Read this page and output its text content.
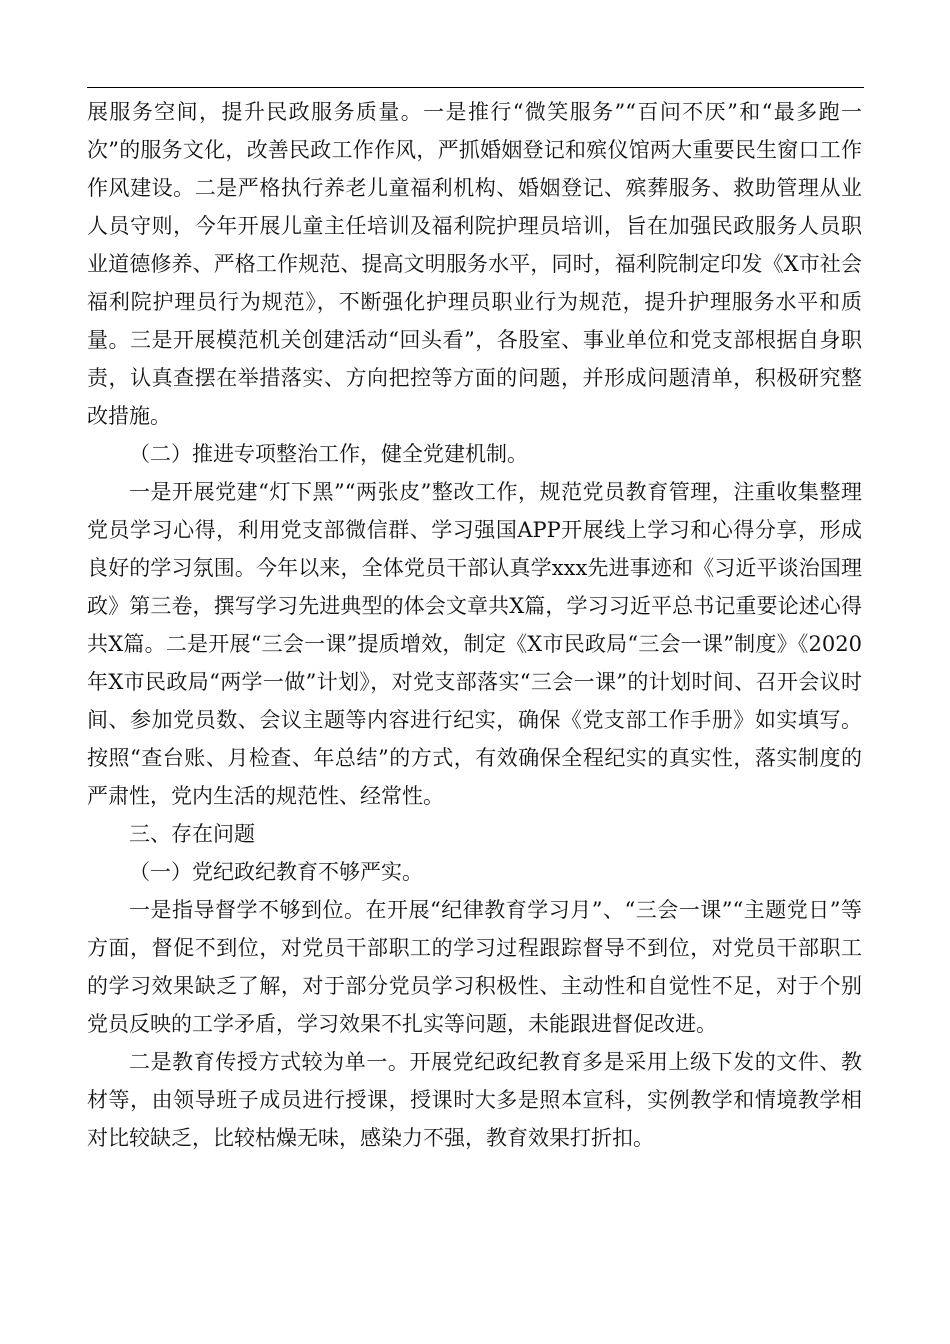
展服务空间，提升民政服务质量。一是推行“微笑服务”“百问不厌”和“最多跑一次”的服务文化，改善民政工作作风，严抓婚姻登记和殡仪馆两大重要民生窗口工作作风建设。二是严格执行养老儿童福利机构、婚姻登记、殡葬服务、救助管理从业人员守则，今年开展儿童主任培训及福利院护理员培训，旨在加强民政服务人员职业道德修养、严格工作规范、提高文明服务水平，同时，福利院制定印发《X市社会福利院护理员行为规范》，不断强化护理员职业行为规范，提升护理服务水平和质量。三是开展模范机关创建活动“回头看”，各股室、事业单位和党支部根据自身职责，认真查摆在举措落实、方向把控等方面的问题，并形成问题清单，积极研究整改措施。

（二）推进专项整治工作，健全党建机制。

一是开展党建“灯下黑”“两张皮”整改工作，规范党员教育管理，注重收集整理党员学习心得，利用党支部微信群、学习强国APP开展线上学习和心得分享，形成良好的学习氛围。今年以来，全体党员干部认真学xxx先进事迹和《习近平谈治国理政》第三卷，撰写学习先进典型的体会文章共X篇，学习习近平总书记重要论述心得共X篇。二是开展“三会一课”提质增效，制定《X市民政局“三会一课”制度》《2020年X市民政局“两学一做”计划》，对党支部落实“三会一课”的计划时间、召开会议时间、参加党员数、会议主题等内容进行纪实，确保《党支部工作手册》如实填写。按照“查台账、月检查、年总结”的方式，有效确保全程纪实的真实性，落实制度的严肃性，党内生活的规范性、经常性。

三、存在问题

（一）党纪政纪教育不够严实。

一是指导督学不够到位。在开展“纪律教育学习月”、“三会一课”“主题党日”等方面，督促不到位，对党员干部职工的学习过程跟踪督导不到位，对党员干部职工的学习效果缺乏了解，对于部分党员学习积极性、主动性和自觉性不足，对于个别党员反映的工学矛盾，学习效果不扎实等问题，未能跟进督促改进。

二是教育传授方式较为单一。开展党纪政纪教育多是采用上级下发的文件、教材等，由领导班子成员进行授课，授课时大多是照本宣科，实例教学和情境教学相对比较缺乏，比较枯燥无味，感染力不强，教育效果打折扣。
